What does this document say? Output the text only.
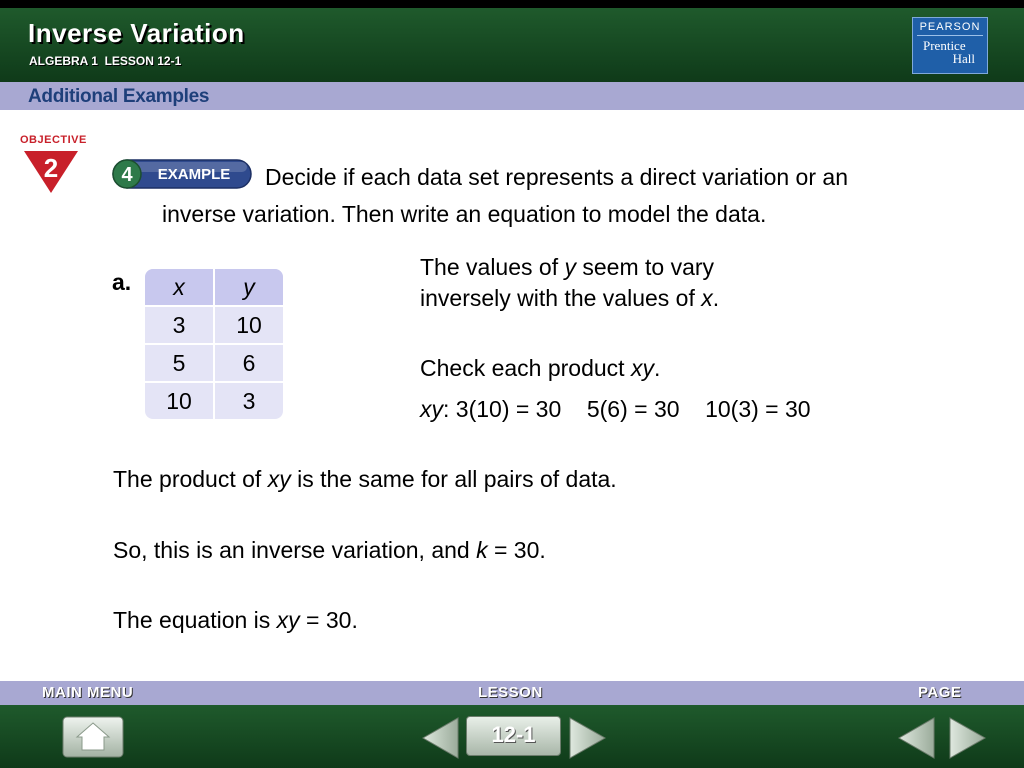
Inverse Variation
ALGEBRA 1  LESSON 12-1
PEARSON
Prentice
Hall
Additional Examples
OBJECTIVE
2	4 EXAMPLE Decide if each data set represents a direct variation or an
inverse variation. Then write an equation to model the data.
a. x	y
3	10
5	6
10	3
The values of y seem to vary
inversely with the values of x.
Check each product xy.
xy: 3(10) = 30    5(6) = 30    10(3) = 30
The product of xy is the same for all pairs of data.
So, this is an inverse variation, and k = 30.
The equation is xy = 30.
MAIN MENU	LESSON	PAGE
12-1
